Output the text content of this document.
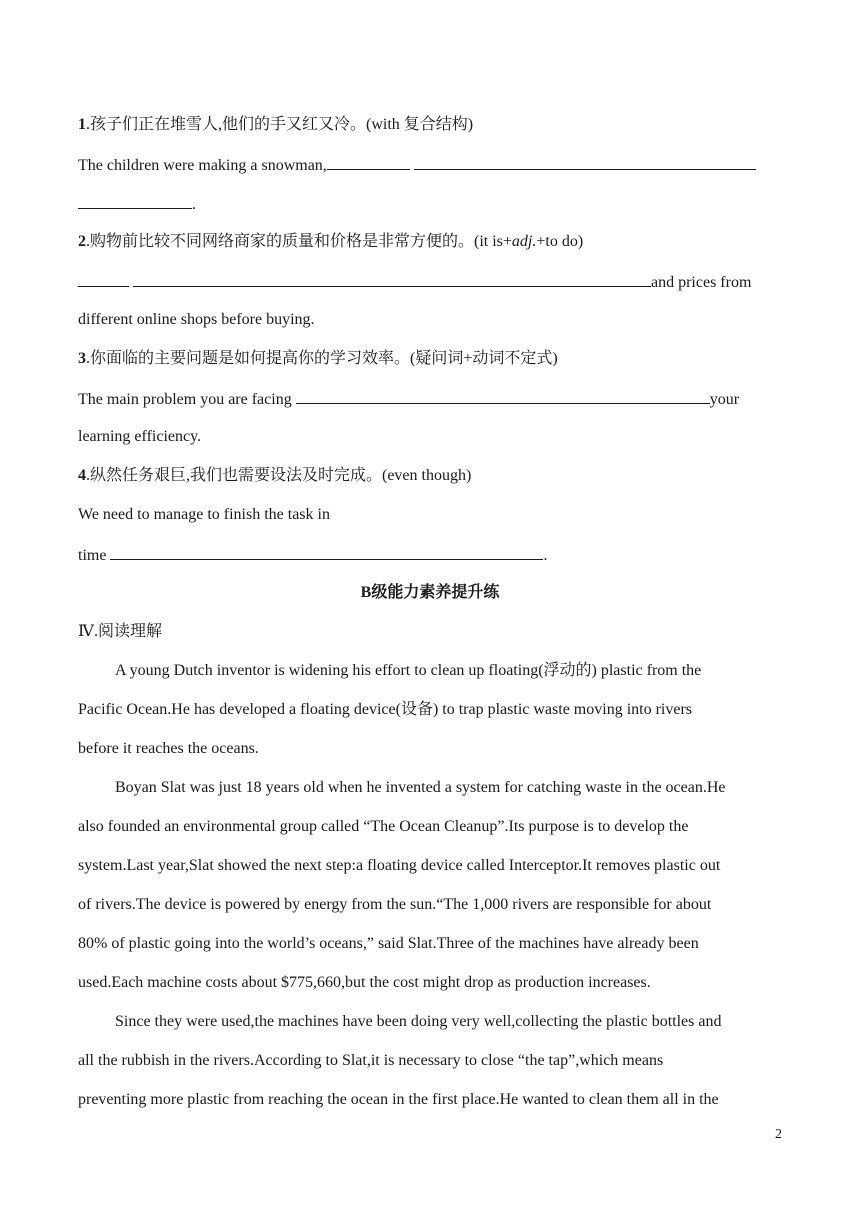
1.孩子们正在堆雪人,他们的手又红又冷。(with 复合结构)
The children were making a snowman,
.
2.购物前比较不同网络商家的质量和价格是非常方便的。(it is+adj.+to do)
and prices from
different online shops before buying.
3.你面临的主要问题是如何提高你的学习效率。(疑问词+动词不定式)
The main problem you are facing	your
learning efficiency.
4.纵然任务艰巨,我们也需要设法及时完成。(even though)
We need to manage to finish the task in
time	.
B级能力素养提升练
Ⅳ.阅读理解
A young Dutch inventor is widening his effort to clean up floating(浮动的) plastic from the
Pacific Ocean.He has developed a floating device(设备) to trap plastic waste moving into rivers
before it reaches the oceans.
Boyan Slat was just 18 years old when he invented a system for catching waste in the ocean.He
also founded an environmental group called “The Ocean Cleanup”.Its purpose is to develop the
system.Last year,Slat showed the next step:a floating device called Interceptor.It removes plastic out
of rivers.The device is powered by energy from the sun.“The 1,000 rivers are responsible for about
80% of plastic going into the world’s oceans,” said Slat.Three of the machines have already been
used.Each machine costs about $775,660,but the cost might drop as production increases.
Since they were used,the machines have been doing very well,collecting the plastic bottles and
all the rubbish in the rivers.According to Slat,it is necessary to close “the tap”,which means
preventing more plastic from reaching the ocean in the first place.He wanted to clean them all in the
2
